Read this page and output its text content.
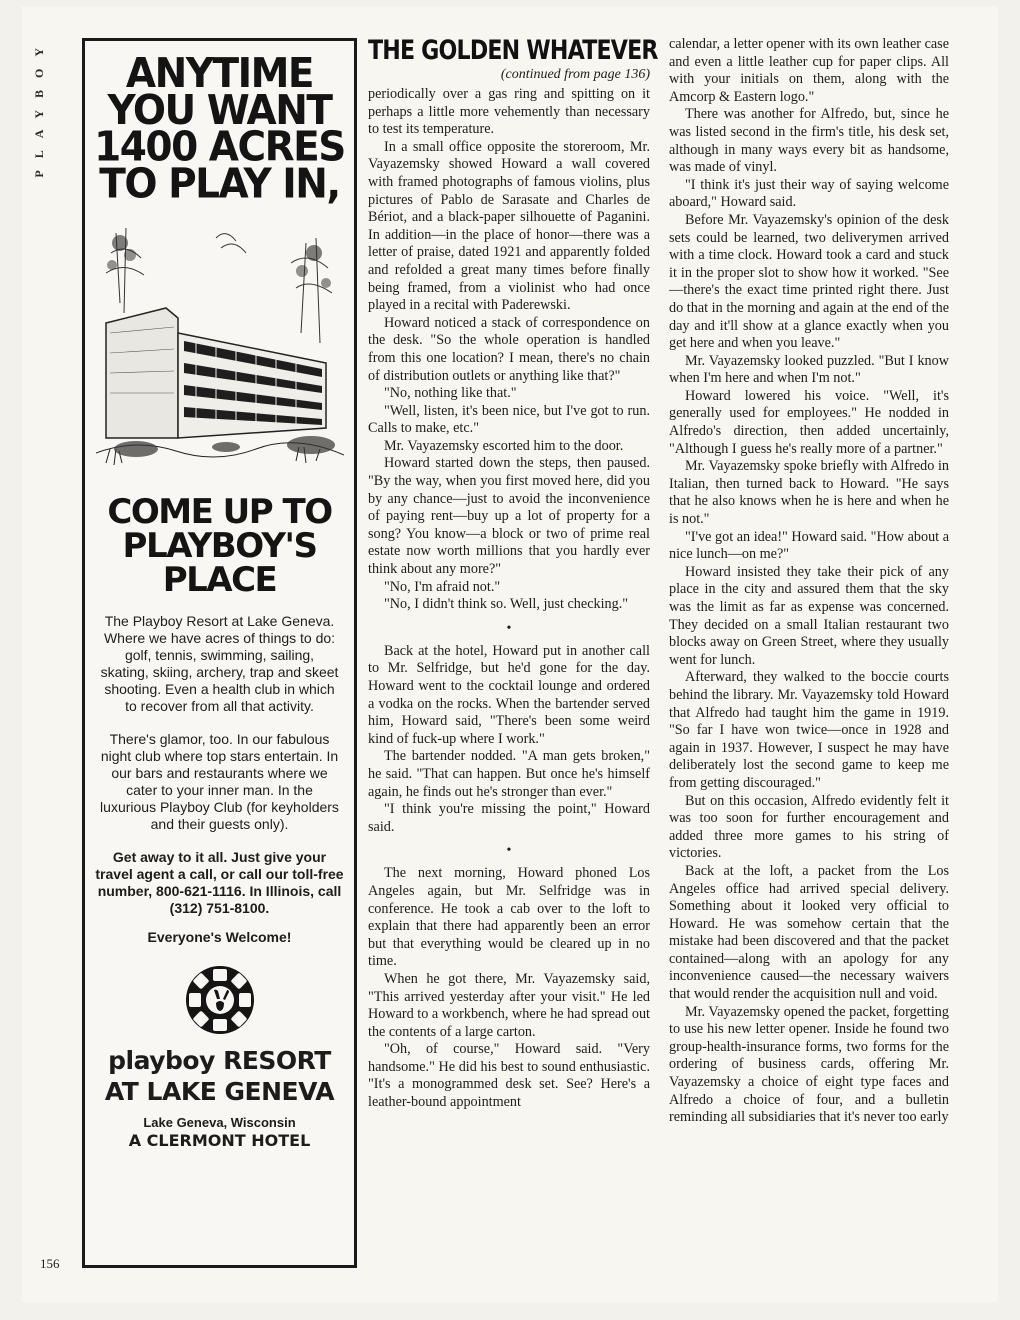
PLAYBOY
156
ANYTIME
YOU WANT
1400 ACRES
TO PLAY IN,
COME UP TO
PLAYBOY'S
PLACE
The Playboy Resort at Lake Geneva. Where we have acres of things to do: golf, tennis, swimming, sailing, skating, skiing, archery, trap and skeet shooting. Even a health club in which to recover from all that activity.
There's glamor, too. In our fabulous night club where top stars entertain. In our bars and restaurants where we cater to your inner man. In the luxurious Playboy Club (for keyholders and their guests only).
Get away to it all. Just give your travel agent a call, or call our toll-free number, 800-621-1116. In Illinois, call (312) 751-8100.
Everyone's Welcome!
playboy RESORT
AT LAKE GENEVA
Lake Geneva, Wisconsin
A CLERMONT HOTEL
THE GOLDEN WHATEVER
(continued from page 136)

periodically over a gas ring and spitting on it perhaps a little more vehemently than necessary to test its temperature.

In a small office opposite the storeroom, Mr. Vayazemsky showed Howard a wall covered with framed photographs of famous violins, plus pictures of Pablo de Sarasate and Charles de Bériot, and a black-paper silhouette of Paganini. In addition—in the place of honor—there was a letter of praise, dated 1921 and apparently folded and refolded a great many times before finally being framed, from a violinist who had once played in a recital with Paderewski.

Howard noticed a stack of correspondence on the desk. "So the whole operation is handled from this one location? I mean, there's no chain of distribution outlets or anything like that?"

"No, nothing like that."

"Well, listen, it's been nice, but I've got to run. Calls to make, etc."

Mr. Vayazemsky escorted him to the door.

Howard started down the steps, then paused. "By the way, when you first moved here, did you by any chance—just to avoid the inconvenience of paying rent—buy up a lot of property for a song? You know—a block or two of prime real estate now worth millions that you hardly ever think about any more?"

"No, I'm afraid not."

"No, I didn't think so. Well, just checking."

•

Back at the hotel, Howard put in another call to Mr. Selfridge, but he'd gone for the day. Howard went to the cocktail lounge and ordered a vodka on the rocks. When the bartender served him, Howard said, "There's been some weird kind of fuck-up where I work."

The bartender nodded. "A man gets broken," he said. "That can happen. But once he's himself again, he finds out he's stronger than ever."

"I think you're missing the point," Howard said.

•

The next morning, Howard phoned Los Angeles again, but Mr. Selfridge was in conference. He took a cab over to the loft to explain that there had apparently been an error but that everything would be cleared up in no time.

When he got there, Mr. Vayazemsky said, "This arrived yesterday after your visit." He led Howard to a workbench, where he had spread out the contents of a large carton.

"Oh, of course," Howard said. "Very handsome." He did his best to sound enthusiastic. "It's a monogrammed desk set. See? Here's a leather-bound appointment

calendar, a letter opener with its own leather case and even a little leather cup for paper clips. All with your initials on them, along with the Amcorp & Eastern logo."

There was another for Alfredo, but, since he was listed second in the firm's title, his desk set, although in many ways every bit as handsome, was made of vinyl.

"I think it's just their way of saying welcome aboard," Howard said.

Before Mr. Vayazemsky's opinion of the desk sets could be learned, two deliverymen arrived with a time clock. Howard took a card and stuck it in the proper slot to show how it worked. "See—there's the exact time printed right there. Just do that in the morning and again at the end of the day and it'll show at a glance exactly when you get here and when you leave."

Mr. Vayazemsky looked puzzled. "But I know when I'm here and when I'm not."

Howard lowered his voice. "Well, it's generally used for employees." He nodded in Alfredo's direction, then added uncertainly, "Although I guess he's really more of a partner."

Mr. Vayazemsky spoke briefly with Alfredo in Italian, then turned back to Howard. "He says that he also knows when he is here and when he is not."

"I've got an idea!" Howard said. "How about a nice lunch—on me?"

Howard insisted they take their pick of any place in the city and assured them that the sky was the limit as far as expense was concerned. They decided on a small Italian restaurant two blocks away on Green Street, where they usually went for lunch.

Afterward, they walked to the boccie courts behind the library. Mr. Vayazemsky told Howard that Alfredo had taught him the game in 1919. "So far I have won twice—once in 1928 and again in 1937. However, I suspect he may have deliberately lost the second game to keep me from getting discouraged."

But on this occasion, Alfredo evidently felt it was too soon for further encouragement and added three more games to his string of victories.

Back at the loft, a packet from the Los Angeles office had arrived special delivery. Something about it looked very official to Howard. He was somehow certain that the mistake had been discovered and that the packet contained—along with an apology for any inconvenience caused—the necessary waivers that would render the acquisition null and void.

Mr. Vayazemsky opened the packet, forgetting to use his new letter opener. Inside he found two group-health-insurance forms, two forms for the ordering of business cards, offering Mr. Vayazemsky a choice of eight type faces and Alfredo a choice of four, and a bulletin reminding all subsidiaries that it's never too early
